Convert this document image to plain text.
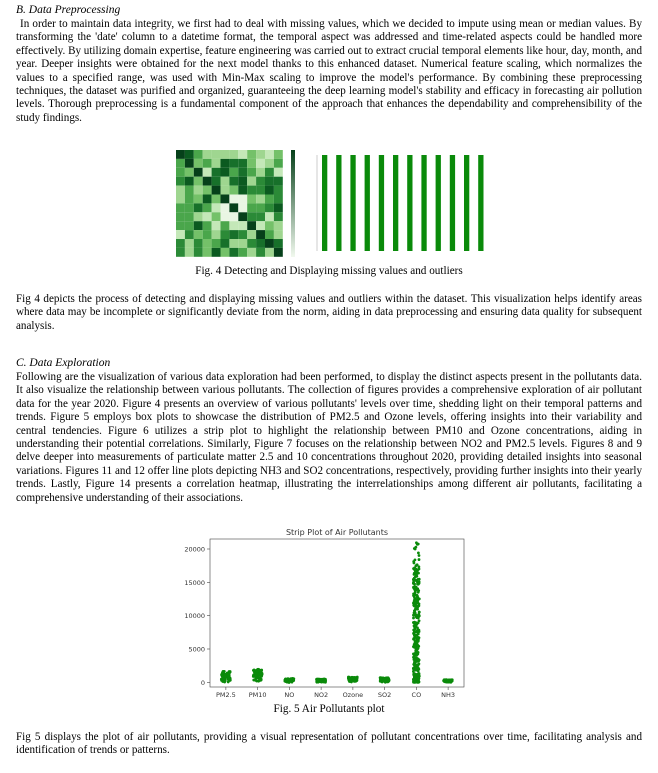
B. Data Preprocessing

In order to maintain data integrity, we first had to deal with missing values, which we decided to impute using mean or median values. By transforming the 'date' column to a datetime format, the temporal aspect was addressed and time-related aspects could be handled more effectively. By utilizing domain expertise, feature engineering was carried out to extract crucial temporal elements like hour, day, month, and year. Deeper insights were obtained for the next model thanks to this enhanced dataset. Numerical feature scaling, which normalizes the values to a specified range, was used with Min-Max scaling to improve the model's performance. By combining these preprocessing techniques, the dataset was purified and organized, guaranteeing the deep learning model's stability and efficacy in forecasting air pollution levels. Thorough preprocessing is a fundamental component of the approach that enhances the dependability and comprehensibility of the study findings.

Fig. 4 Detecting and Displaying missing values and outliers

Fig 4 depicts the process of detecting and displaying missing values and outliers within the dataset. This visualization helps identify areas where data may be incomplete or significantly deviate from the norm, aiding in data preprocessing and ensuring data quality for subsequent analysis.

C. Data Exploration

Following are the visualization of various data exploration had been performed, to display the distinct aspects present in the pollutants data. It also visualize the relationship between various pollutants. The collection of figures provides a comprehensive exploration of air pollutant data for the year 2020. Figure 4 presents an overview of various pollutants' levels over time, shedding light on their temporal patterns and trends. Figure 5 employs box plots to showcase the distribution of PM2.5 and Ozone levels, offering insights into their variability and central tendencies. Figure 6 utilizes a strip plot to highlight the relationship between PM10 and Ozone concentrations, aiding in understanding their potential correlations. Similarly, Figure 7 focuses on the relationship between NO2 and PM2.5 levels. Figures 8 and 9 delve deeper into measurements of particulate matter 2.5 and 10 concentrations throughout 2020, providing detailed insights into seasonal variations. Figures 11 and 12 offer line plots depicting NH3 and SO2 concentrations, respectively, providing further insights into their yearly trends. Lastly, Figure 14 presents a correlation heatmap, illustrating the interrelationships among different air pollutants, facilitating a comprehensive understanding of their associations.

Strip Plot of Air Pollutants
0
5000
10000
15000
20000
PM2.5 PM10	NO	NO2 Ozone SO2	CO	NH3
Fig. 5 Air Pollutants plot

Fig 5 displays the plot of air pollutants, providing a visual representation of pollutant concentrations over time, facilitating analysis and identification of trends or patterns.
